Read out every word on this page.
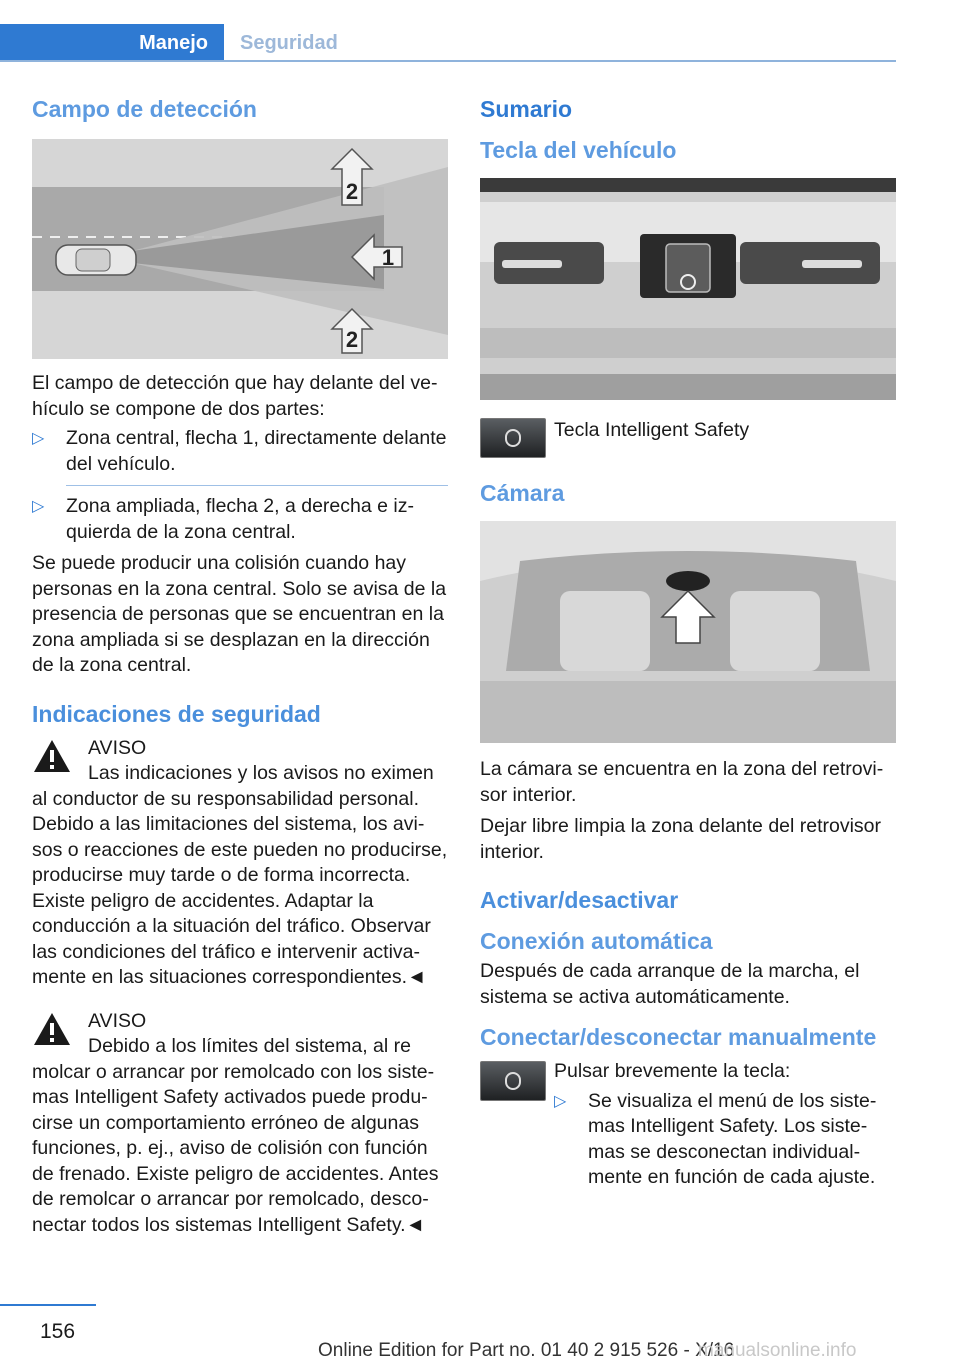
Manejo	Seguridad
Campo de detección
2
1
2

El campo de detección que hay delante del vehículo se compone de dos partes:

▷ Zona central, flecha 1, directamente delante del vehículo.
▷ Zona ampliada, flecha 2, a derecha e izquierda de la zona central.

Se puede producir una colisión cuando hay personas en la zona central. Solo se avisa de la presencia de personas que se encuentran en la zona ampliada si se desplazan en la dirección de la zona central.

Indicaciones de seguridad
AVISO

Las indicaciones y los avisos no eximen

al conductor de su responsabilidad personal. Debido a las limitaciones del sistema, los avisos o reacciones de este pueden no producirse, producirse muy tarde o de forma incorrecta. Existe peligro de accidentes. Adaptar la conducción a la situación del tráfico. Observar las condiciones del tráfico e intervenir activamente en las situaciones correspondientes.◄

AVISO

Debido a los límites del sistema, al re

molcar o arrancar por remolcado con los sistemas Intelligent Safety activados puede producirse un comportamiento erróneo de algunas funciones, p. ej., aviso de colisión con función de frenado. Existe peligro de accidentes. Antes de remolcar o arrancar por remolcado, desconectar todos los sistemas Intelligent Safety.◄

Sumario
Tecla del vehículo

Tecla Intelligent Safety

Cámara

La cámara se encuentra en la zona del retrovisor interior.

Dejar libre limpia la zona delante del retrovisor interior.

Activar/desactivar
Conexión automática

Después de cada arranque de la marcha, el sistema se activa automáticamente.

Conectar/desconectar manualmente

Pulsar brevemente la tecla:

▷ Se visualiza el menú de los sistemas Intelligent Safety. Los sistemas se desconectan individualmente en función de cada ajuste.
156
Online Edition for Part no. 01 40 2 915 526 - X/16
manualsonline.info
